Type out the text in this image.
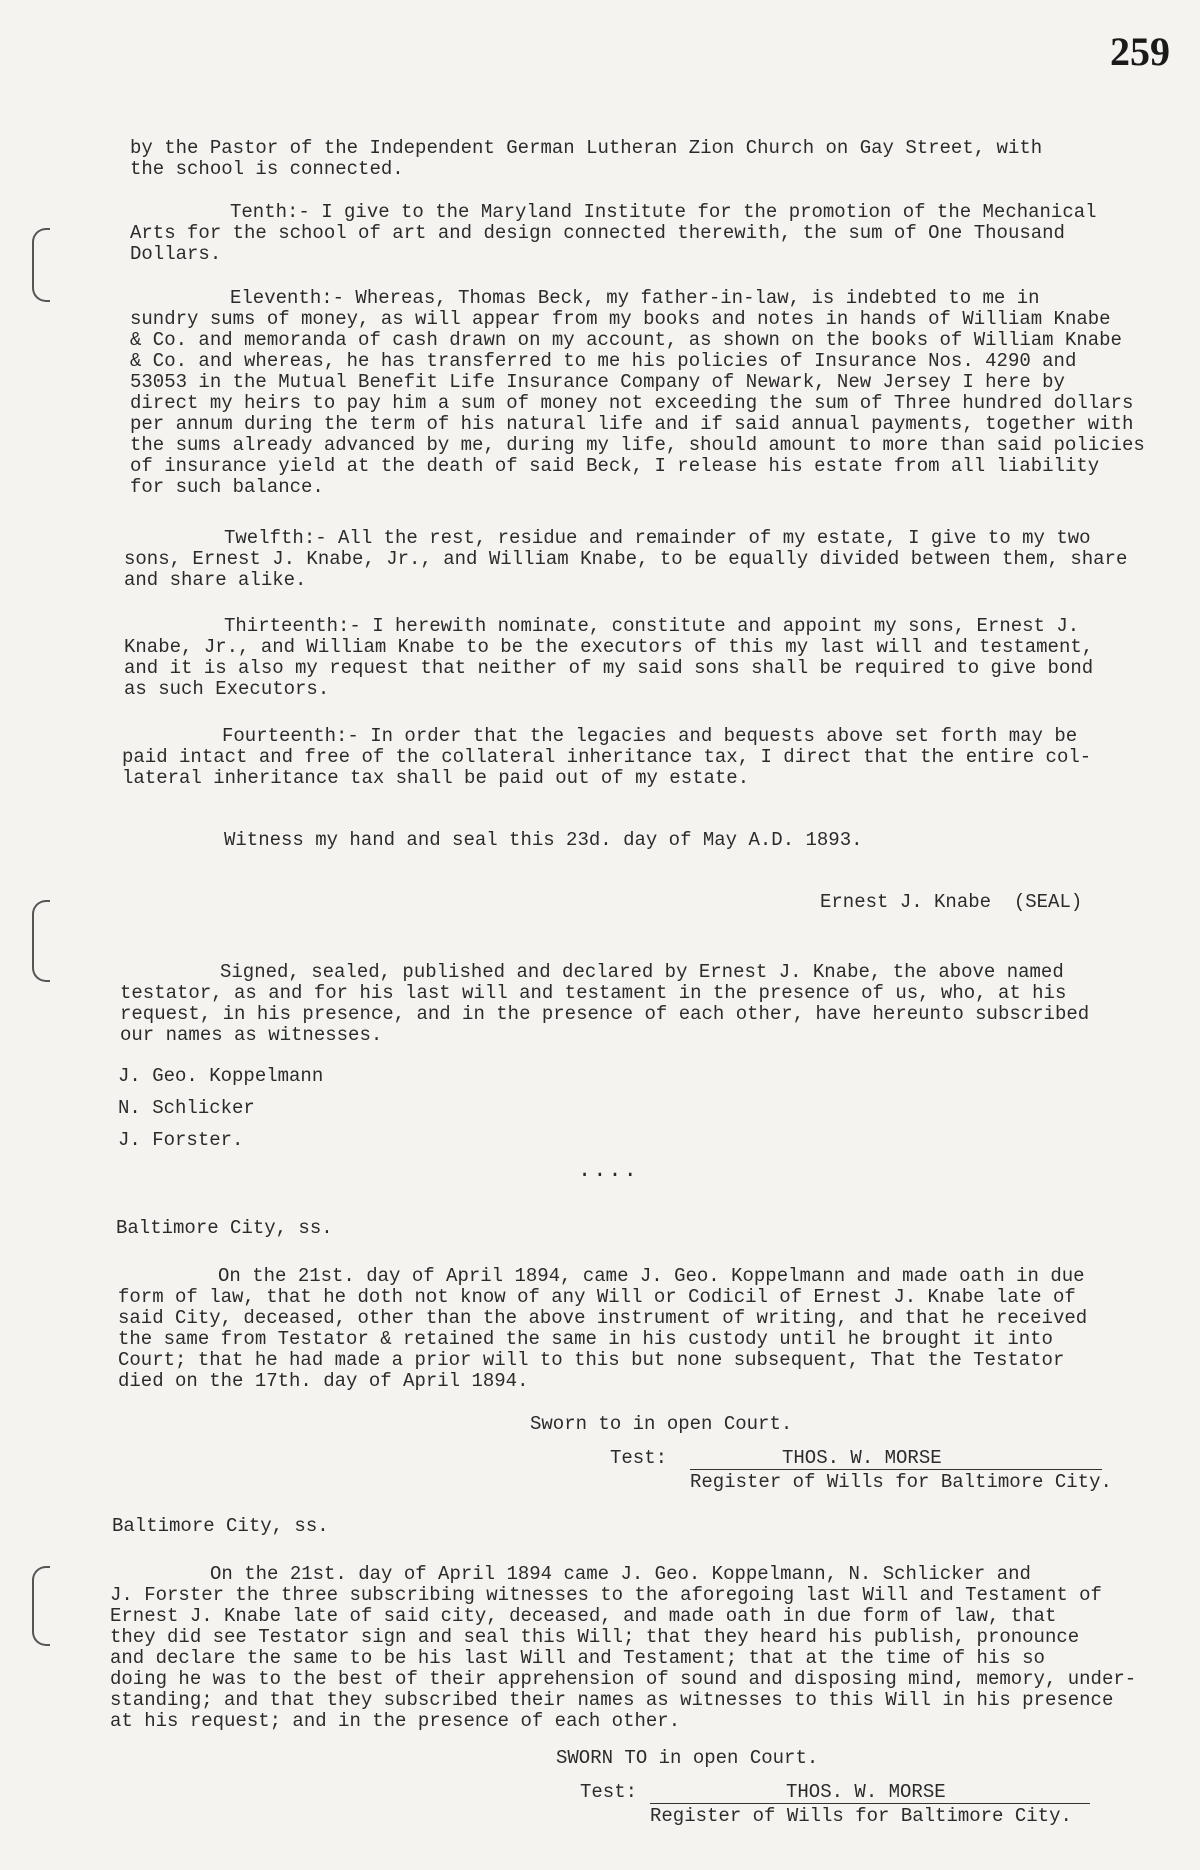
259
by the Pastor of the Independent German Lutheran Zion Church on Gay Street, with
the school is connected.
Tenth:- I give to the Maryland Institute for the promotion of the Mechanical
Arts for the school of art and design connected therewith, the sum of One Thousand
Dollars.
Eleventh:- Whereas, Thomas Beck, my father-in-law, is indebted to me in
sundry sums of money, as will appear from my books and notes in hands of William Knabe
& Co. and memoranda of cash drawn on my account, as shown on the books of William Knabe
& Co. and whereas, he has transferred to me his policies of Insurance Nos. 4290 and
53053 in the Mutual Benefit Life Insurance Company of Newark, New Jersey I here by
direct my heirs to pay him a sum of money not exceeding the sum of Three hundred dollars
per annum during the term of his natural life and if said annual payments, together with
the sums already advanced by me, during my life, should amount to more than said policies
of insurance yield at the death of said Beck, I release his estate from all liability
for such balance.
Twelfth:- All the rest, residue and remainder of my estate, I give to my two
sons, Ernest J. Knabe, Jr., and William Knabe, to be equally divided between them, share
and share alike.
Thirteenth:- I herewith nominate, constitute and appoint my sons, Ernest J.
Knabe, Jr., and William Knabe to be the executors of this my last will and testament,
and it is also my request that neither of my said sons shall be required to give bond
as such Executors.
Fourteenth:- In order that the legacies and bequests above set forth may be
paid intact and free of the collateral inheritance tax, I direct that the entire col-
lateral inheritance tax shall be paid out of my estate.
Witness my hand and seal this 23d. day of May A.D. 1893.
Ernest J. Knabe  (SEAL)
Signed, sealed, published and declared by Ernest J. Knabe, the above named
testator, as and for his last will and testament in the presence of us, who, at his
request, in his presence, and in the presence of each other, have hereunto subscribed
our names as witnesses.
J. Geo. Koppelmann
N. Schlicker
J. Forster.
....
Baltimore City, ss.
On the 21st. day of April 1894, came J. Geo. Koppelmann and made oath in due
form of law, that he doth not know of any Will or Codicil of Ernest J. Knabe late of
said City, deceased, other than the above instrument of writing, and that he received
the same from Testator & retained the same in his custody until he brought it into
Court; that he had made a prior will to this but none subsequent, That the Testator
died on the 17th. day of April 1894.
Sworn to in open Court.
Test:	THOS. W. MORSE
Register of Wills for Baltimore City.
Baltimore City, ss.
On the 21st. day of April 1894 came J. Geo. Koppelmann, N. Schlicker and
J. Forster the three subscribing witnesses to the aforegoing last Will and Testament of
Ernest J. Knabe late of said city, deceased, and made oath in due form of law, that
they did see Testator sign and seal this Will; that they heard his publish, pronounce
and declare the same to be his last Will and Testament; that at the time of his so
doing he was to the best of their apprehension of sound and disposing mind, memory, under-
standing; and that they subscribed their names as witnesses to this Will in his presence
at his request; and in the presence of each other.
SWORN TO in open Court.
Test:	THOS. W. MORSE
Register of Wills for Baltimore City.
